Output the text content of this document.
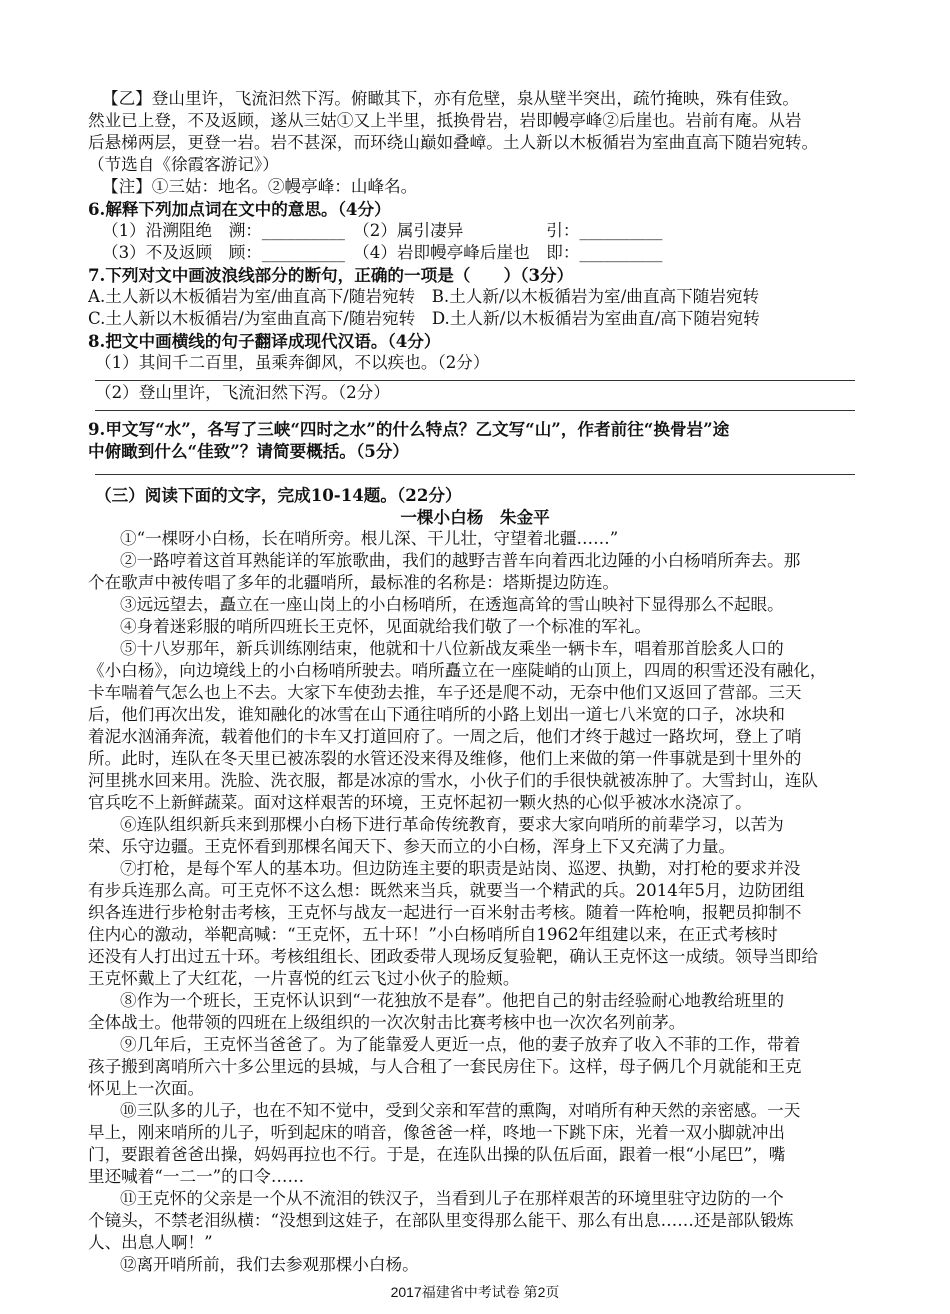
【乙】登山里许，飞流汩然下泻。俯瞰其下，亦有危壁，泉从壁半突出，疏竹掩映，殊有佳致。
然业已上登，不及返顾，遂从三姑①又上半里，抵换骨岩，岩即幔亭峰②后崖也。岩前有庵。从岩
后悬梯两层，更登一岩。岩不甚深，而环绕山巅如叠嶂。土人新以木板循岩为室曲直高下随岩宛转。
（节选自《徐霞客游记》）
【注】①三姑：地名。②幔亭峰：山峰名。
6.解释下列加点词在文中的意思。（4分）
（1）沿溯阻绝　溯：__________　（2）属引凄异　　　　　引：__________
（3）不及返顾　顾：__________　（4）岩即幔亭峰后崖也　即：__________
7.下列对文中画波浪线部分的断句，正确的一项是（　　）（3分）
A.土人新以木板循岩为室/曲直高下/随岩宛转　B.土人新/以木板循岩为室/曲直高下随岩宛转
C.土人新以木板循岩/为室曲直高下/随岩宛转　D.土人新/以木板循岩为室曲直/高下随岩宛转
8.把文中画横线的句子翻译成现代汉语。（4分）
（1）其间千二百里，虽乘奔御风，不以疾也。（2分）
（2）登山里许，飞流汩然下泻。（2分）
9.甲文写“水”，各写了三峡“四时之水”的什么特点？乙文写“山”，作者前往“换骨岩”途
中俯瞰到什么“佳致”？请简要概括。（5分）
（三）阅读下面的文字，完成10-14题。（22分）
一棵小白杨　朱金平
①“一棵呀小白杨，长在哨所旁。根儿深、干儿壮，守望着北疆……”
②一路哼着这首耳熟能详的军旅歌曲，我们的越野吉普车向着西北边陲的小白杨哨所奔去。那
个在歌声中被传唱了多年的北疆哨所，最标准的名称是：塔斯提边防连。
③远远望去，矗立在一座山岗上的小白杨哨所，在透迤高耸的雪山映衬下显得那么不起眼。
④身着迷彩服的哨所四班长王克怀，见面就给我们敬了一个标准的军礼。
⑤十八岁那年，新兵训练刚结束，他就和十八位新战友乘坐一辆卡车，唱着那首脍炙人口的
《小白杨》，向边境线上的小白杨哨所驶去。哨所矗立在一座陡峭的山顶上，四周的积雪还没有融化，
卡车喘着气怎么也上不去。大家下车使劲去推，车子还是爬不动，无奈中他们又返回了营部。三天
后，他们再次出发，谁知融化的冰雪在山下通往哨所的小路上划出一道七八米宽的口子，冰块和
着泥水汹涌奔流，载着他们的卡车又打道回府了。一周之后，他们才终于越过一路坎坷，登上了哨
所。此时，连队在冬天里已被冻裂的水管还没来得及维修，他们上来做的第一件事就是到十里外的
河里挑水回来用。洗脸、洗衣服，都是冰凉的雪水，小伙子们的手很快就被冻肿了。大雪封山，连队
官兵吃不上新鲜蔬菜。面对这样艰苦的环境，王克怀起初一颗火热的心似乎被冰水浇凉了。
⑥连队组织新兵来到那棵小白杨下进行革命传统教育，要求大家向哨所的前辈学习，以苦为
荣、乐守边疆。王克怀看到那棵名闻天下、参天而立的小白杨，浑身上下又充满了力量。
⑦打枪，是每个军人的基本功。但边防连主要的职责是站岗、巡逻、执勤，对打枪的要求并没
有步兵连那么高。可王克怀不这么想：既然来当兵，就要当一个精武的兵。2014年5月，边防团组
织各连进行步枪射击考核，王克怀与战友一起进行一百米射击考核。随着一阵枪响，报靶员抑制不
住内心的激动，举靶高喊：“王克怀，五十环！”小白杨哨所自1962年组建以来，在正式考核时
还没有人打出过五十环。考核组组长、团政委带人现场反复验靶，确认王克怀这一成绩。领导当即给
王克怀戴上了大红花，一片喜悦的红云飞过小伙子的脸颊。
⑧作为一个班长，王克怀认识到“一花独放不是春”。他把自己的射击经验耐心地教给班里的
全体战士。他带领的四班在上级组织的一次次射击比赛考核中也一次次名列前茅。
⑨几年后，王克怀当爸爸了。为了能靠爱人更近一点，他的妻子放弃了收入不菲的工作，带着
孩子搬到离哨所六十多公里远的县城，与人合租了一套民房住下。这样，母子俩几个月就能和王克
怀见上一次面。
⑩三队多的儿子，也在不知不觉中，受到父亲和军营的熏陶，对哨所有种天然的亲密感。一天
早上，刚来哨所的儿子，听到起床的哨音，像爸爸一样，咚地一下跳下床，光着一双小脚就冲出
门，要跟着爸爸出操，妈妈再拉也不行。于是，在连队出操的队伍后面，跟着一根“小尾巴”，嘴
里还喊着“一二一”的口令……
⑪王克怀的父亲是一个从不流泪的铁汉子，当看到儿子在那样艰苦的环境里驻守边防的一个
个镜头，不禁老泪纵横：“没想到这娃子，在部队里变得那么能干、那么有出息……还是部队锻炼
人、出息人啊！”
⑫离开哨所前，我们去参观那棵小白杨。
2017福建省中考试卷 第2页
